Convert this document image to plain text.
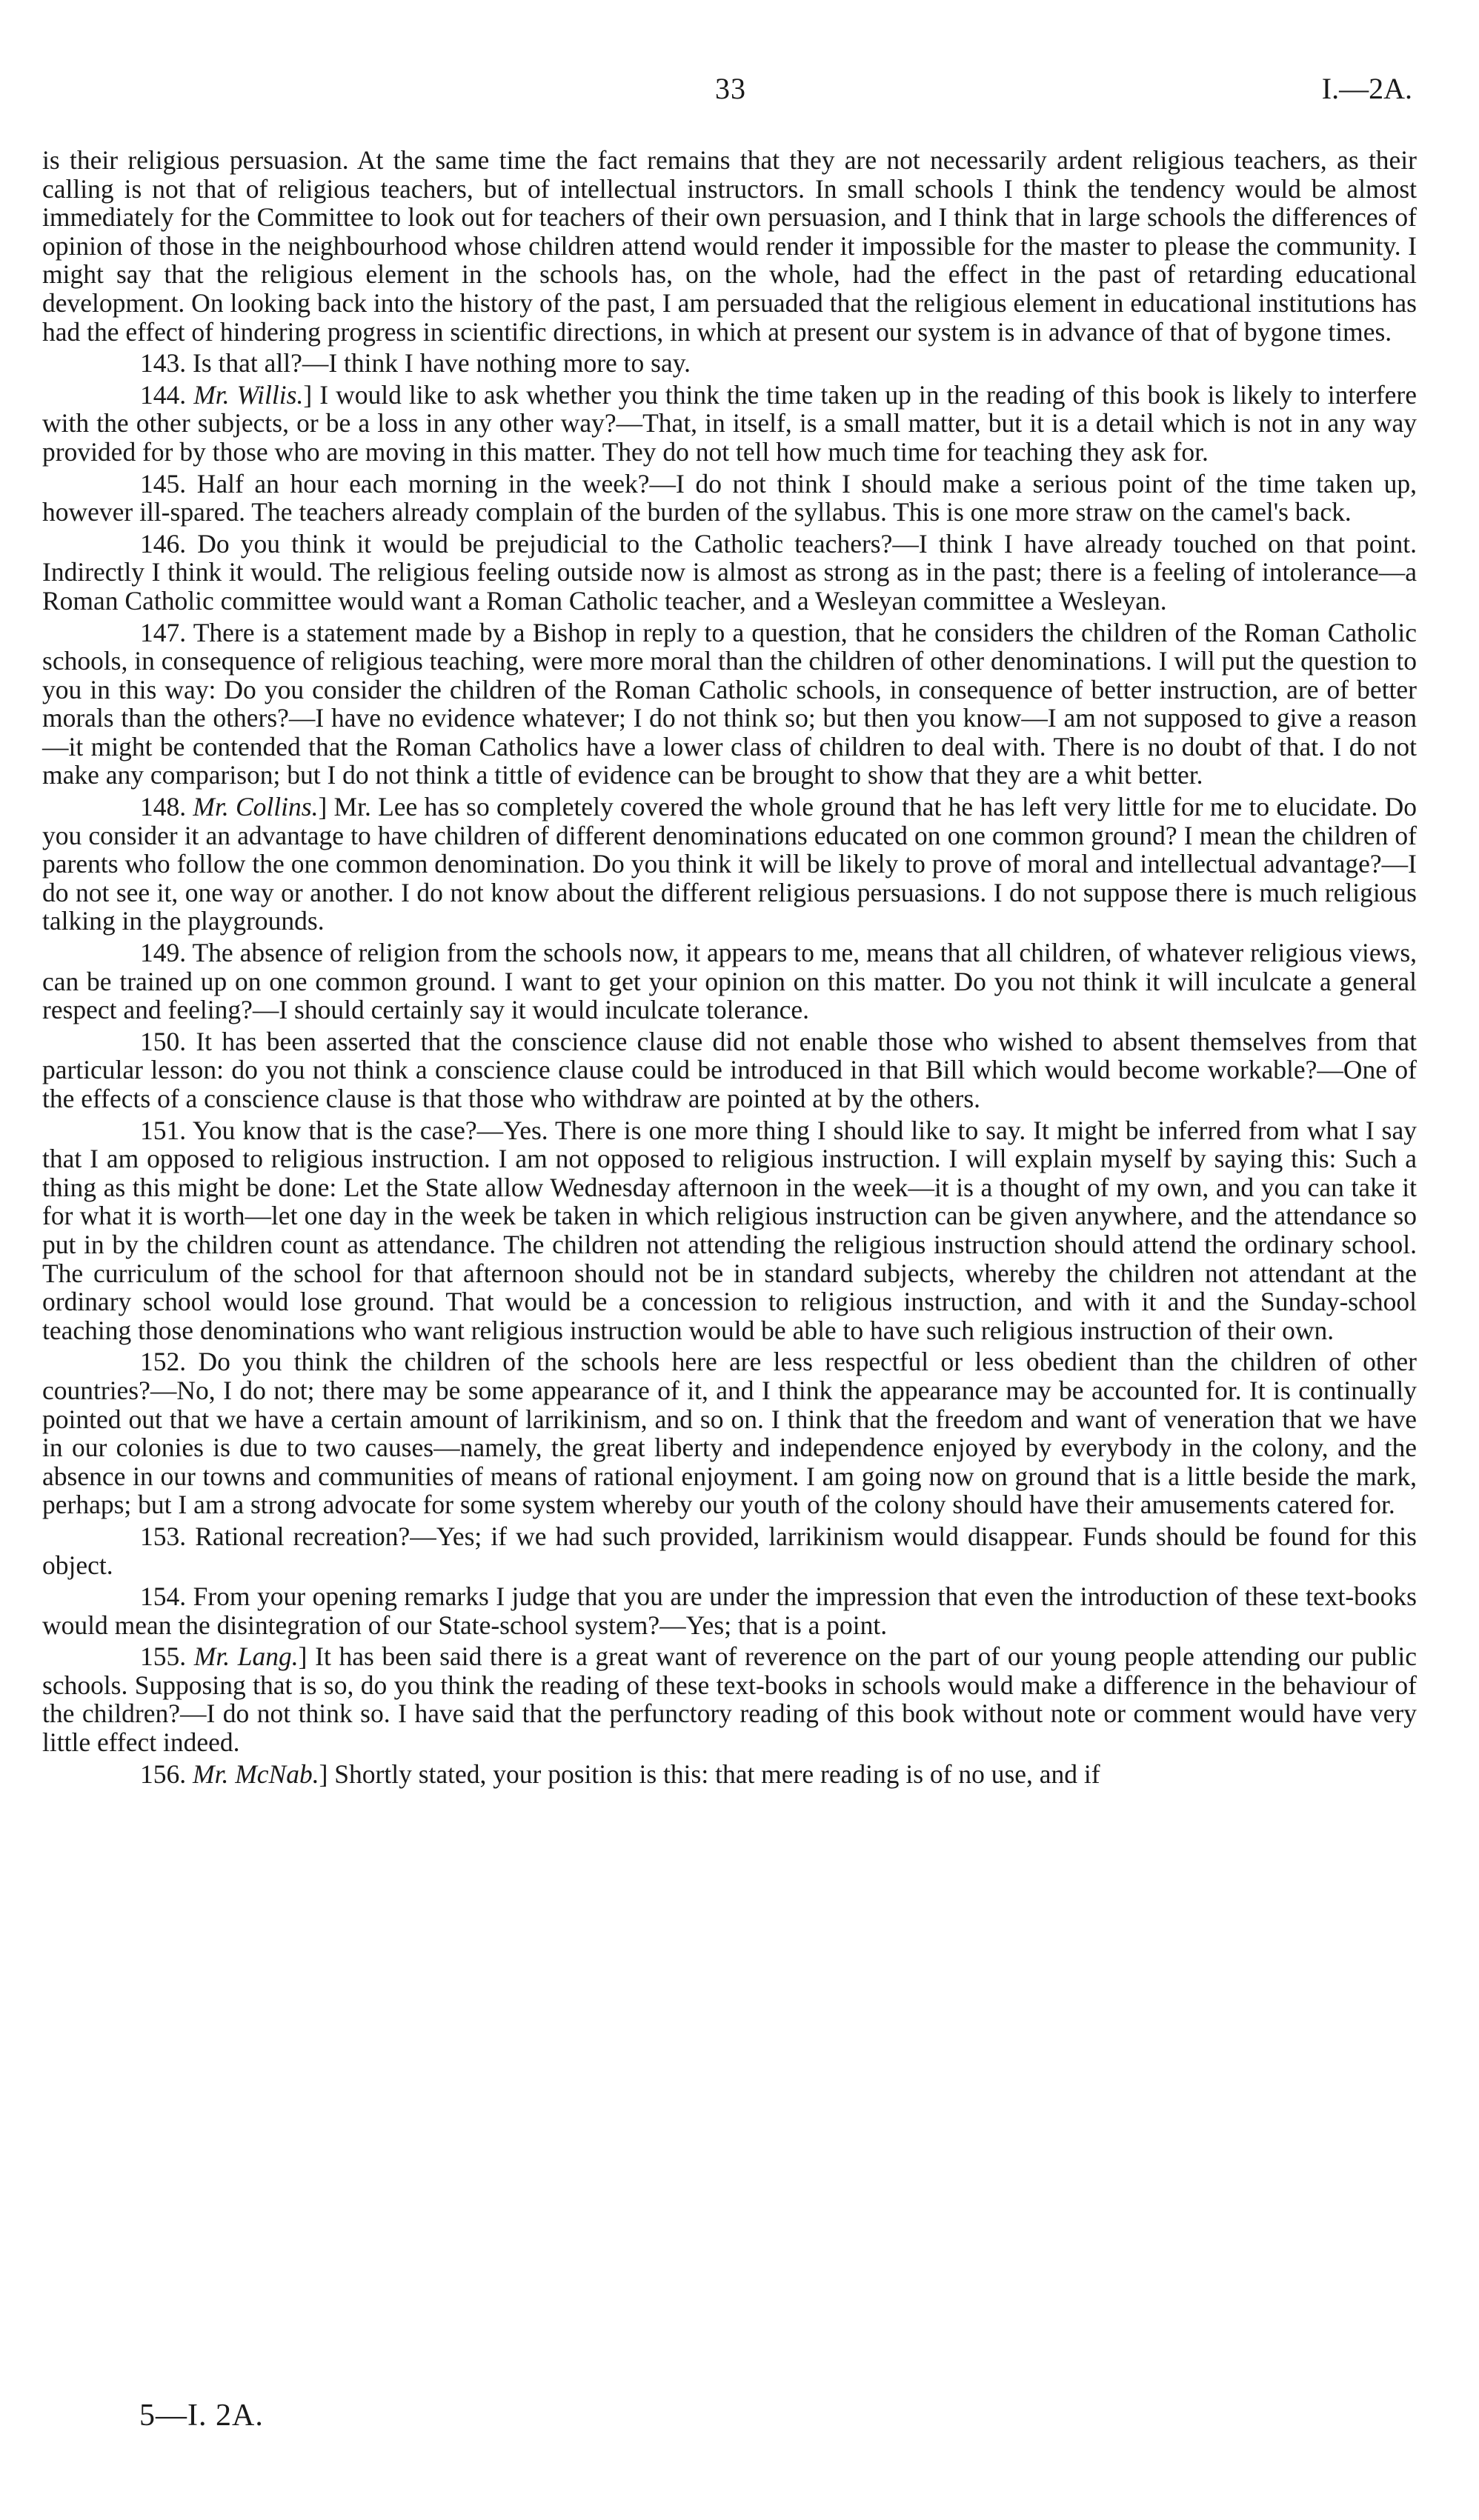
33	I.—2A.

is their religious persuasion. At the same time the fact remains that they are not necessarily ardent religious teachers, as their calling is not that of religious teachers, but of intellectual instructors. In small schools I think the tendency would be almost immediately for the Committee to look out for teachers of their own persuasion, and I think that in large schools the differences of opinion of those in the neighbourhood whose children attend would render it impossible for the master to please the community. I might say that the religious element in the schools has, on the whole, had the effect in the past of retarding educational development. On looking back into the history of the past, I am persuaded that the religious element in educational institutions has had the effect of hindering progress in scientific directions, in which at present our system is in advance of that of bygone times.

143. Is that all?—I think I have nothing more to say.

144. Mr. Willis.] I would like to ask whether you think the time taken up in the reading of this book is likely to interfere with the other subjects, or be a loss in any other way?—That, in itself, is a small matter, but it is a detail which is not in any way provided for by those who are moving in this matter. They do not tell how much time for teaching they ask for.

145. Half an hour each morning in the week?—I do not think I should make a serious point of the time taken up, however ill-spared. The teachers already complain of the burden of the syllabus. This is one more straw on the camel's back.

146. Do you think it would be prejudicial to the Catholic teachers?—I think I have already touched on that point. Indirectly I think it would. The religious feeling outside now is almost as strong as in the past; there is a feeling of intolerance—a Roman Catholic committee would want a Roman Catholic teacher, and a Wesleyan committee a Wesleyan.

147. There is a statement made by a Bishop in reply to a question, that he considers the children of the Roman Catholic schools, in consequence of religious teaching, were more moral than the children of other denominations. I will put the question to you in this way: Do you consider the children of the Roman Catholic schools, in consequence of better instruction, are of better morals than the others?—I have no evidence whatever; I do not think so; but then you know—I am not supposed to give a reason—it might be contended that the Roman Catholics have a lower class of children to deal with. There is no doubt of that. I do not make any comparison; but I do not think a tittle of evidence can be brought to show that they are a whit better.

148. Mr. Collins.] Mr. Lee has so completely covered the whole ground that he has left very little for me to elucidate. Do you consider it an advantage to have children of different denominations educated on one common ground? I mean the children of parents who follow the one common denomination. Do you think it will be likely to prove of moral and intellectual advantage?—I do not see it, one way or another. I do not know about the different religious persuasions. I do not suppose there is much religious talking in the playgrounds.

149. The absence of religion from the schools now, it appears to me, means that all children, of whatever religious views, can be trained up on one common ground. I want to get your opinion on this matter. Do you not think it will inculcate a general respect and feeling?—I should certainly say it would inculcate tolerance.

150. It has been asserted that the conscience clause did not enable those who wished to absent themselves from that particular lesson: do you not think a conscience clause could be introduced in that Bill which would become workable?—One of the effects of a conscience clause is that those who withdraw are pointed at by the others.

151. You know that is the case?—Yes. There is one more thing I should like to say. It might be inferred from what I say that I am opposed to religious instruction. I am not opposed to religious instruction. I will explain myself by saying this: Such a thing as this might be done: Let the State allow Wednesday afternoon in the week—it is a thought of my own, and you can take it for what it is worth—let one day in the week be taken in which religious instruction can be given anywhere, and the attendance so put in by the children count as attendance. The children not attending the religious instruction should attend the ordinary school. The curriculum of the school for that afternoon should not be in standard subjects, whereby the children not attendant at the ordinary school would lose ground. That would be a concession to religious instruction, and with it and the Sunday-school teaching those denominations who want religious instruction would be able to have such religious instruction of their own.

152. Do you think the children of the schools here are less respectful or less obedient than the children of other countries?—No, I do not; there may be some appearance of it, and I think the appearance may be accounted for. It is continually pointed out that we have a certain amount of larrikinism, and so on. I think that the freedom and want of veneration that we have in our colonies is due to two causes—namely, the great liberty and independence enjoyed by everybody in the colony, and the absence in our towns and communities of means of rational enjoyment. I am going now on ground that is a little beside the mark, perhaps; but I am a strong advocate for some system whereby our youth of the colony should have their amusements catered for.

153. Rational recreation?—Yes; if we had such provided, larrikinism would disappear. Funds should be found for this object.

154. From your opening remarks I judge that you are under the impression that even the introduction of these text-books would mean the disintegration of our State-school system?—Yes; that is a point.

155. Mr. Lang.] It has been said there is a great want of reverence on the part of our young people attending our public schools. Supposing that is so, do you think the reading of these text-books in schools would make a difference in the behaviour of the children?—I do not think so. I have said that the perfunctory reading of this book without note or comment would have very little effect indeed.

156. Mr. McNab.] Shortly stated, your position is this: that mere reading is of no use, and if

5—I. 2A.
